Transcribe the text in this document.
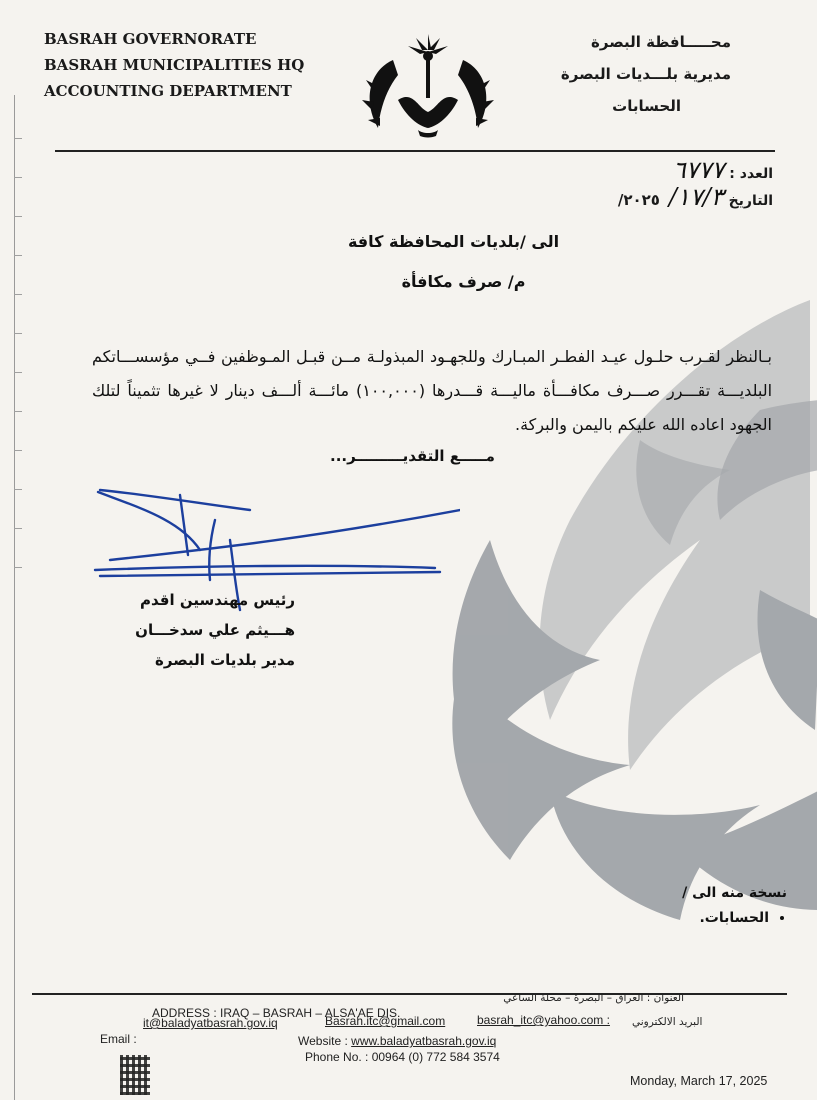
BASRAH GOVERNORATE
BASRAH MUNICIPALITIES HQ
ACCOUNTING DEPARTMENT
محـــــافظة البصرة
مديرية بلـــديات البصرة
الحسابات
العدد : ٦٧٧٧
التاريخ ١٧/٣/ ٢٠٢٥/
الى /بلديات المحافظة كافة
م/ صرف مكافأة
بـالنظر لقـرب حلـول عيـد الفطـر المبـارك وللجهـود المبذولـة مــن قبـل المـوظفين فــي مؤسســـاتكم البلديـــة تقـــرر صـــرف مكافـــأة ماليـــة قـــدرها (١٠٠,٠٠٠) مائـــة ألـــف دينار لا غيرها تثميناً لتلك الجهود اعاده الله عليكم باليمن والبركة.
مـــــع التقديـــــــــر...
رئيس مهندسين اقدم
هـــيثم علي سدخـــان
مدير بلديات البصرة
نسخة منه الى /
• الحسابات.
العنوان : العراق – البصرة – محلة الساعي
ADDRESS : IRAQ – BASRAH – ALSA'AE DIS.
Email :
it@baladyatbasrah.gov.iq	Basrah.itc@gmail.com	basrah_itc@yahoo.com : البريد الالكتروني
Website : www.baladyatbasrah.gov.iq
Phone No. : 00964 (0) 772 584 3574
Monday, March 17, 2025
